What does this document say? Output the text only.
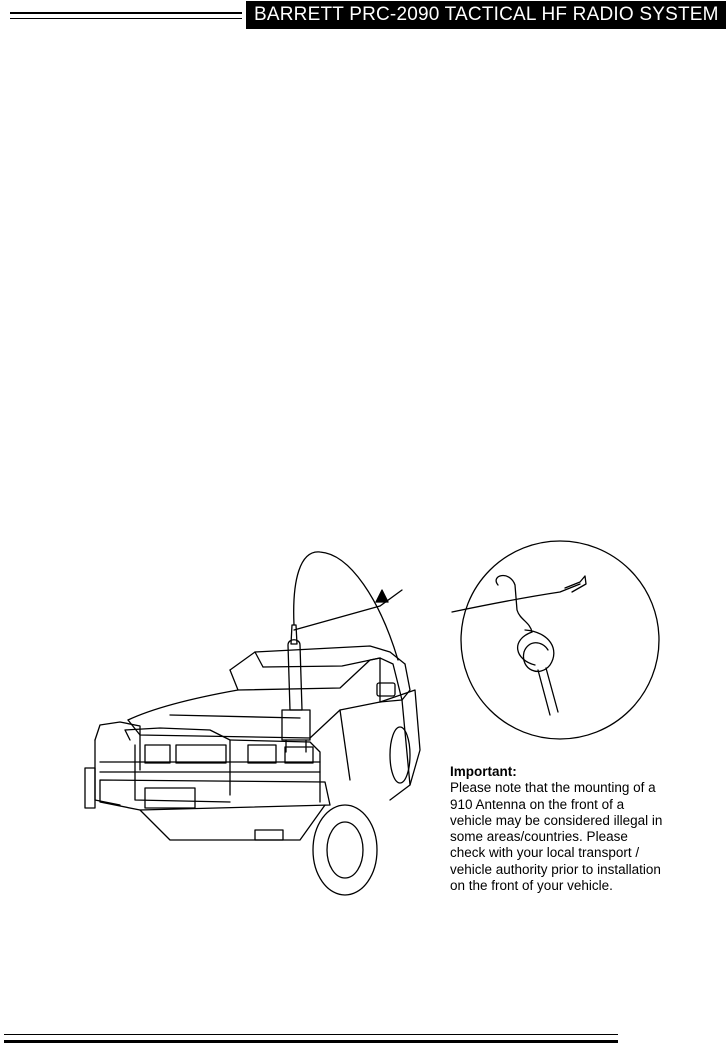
BARRETT PRC-2090 TACTICAL HF RADIO SYSTEM
Important:
Please note that the mounting of a 910 Antenna on the front of a vehicle may be considered illegal in some areas/countries. Please check with your local transport / vehicle authority prior to installation on the front of your vehicle.
